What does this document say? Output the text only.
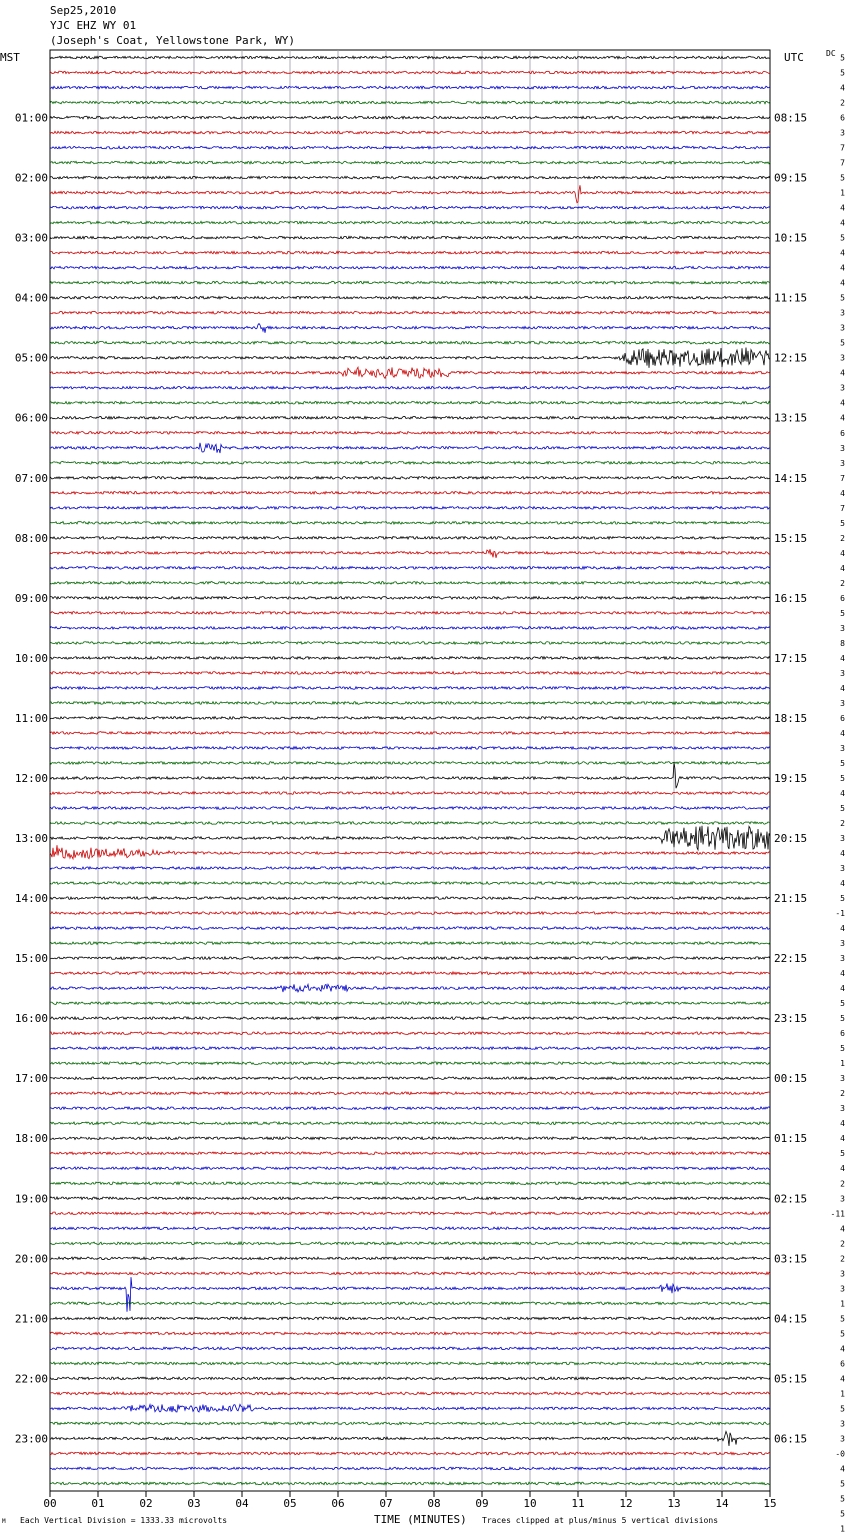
Sep25,2010
YJC EHZ WY 01
(Joseph's Coat, Yellowstone Park, WY)
00	01	02	03	04	05	06	07	08	09	10	11	12	13	14	15
01:00
02:00
03:00
04:00
05:00
06:00
07:00
08:00
09:00
10:00
11:00
12:00
13:00
14:00
15:00
16:00
17:00
18:00
19:00
20:00
21:00
22:00
23:00
08:15
09:15
10:15
11:15
12:15
13:15
14:15
15:15
16:15
17:15
18:15
19:15
20:15
21:15
22:15
23:15
00:15
01:15
02:15
03:15
04:15
05:15
06:15
5
5
4
2
6
3
7
7
5
1
4
4
5
4
4
4
5
3
3
5
3
4
3
4
4
6
3
3
7
4
7
5
2
4
4
2
6
5
3
8
4
3
4
3
6
4
3
5
5
4
5
2
3
4
3
4
5
-1
4
3
3
4
4
5
5
6
5
1
3
2
3
4
4
5
4
2
3
-11
4
2
2
3
3
1
5
5
4
6
4
1
5
3
3
-0
4
5
5
5
1
MST	UTC	DC
Each Vertical Division = 1333.33 microvolts	TIME (MINUTES) Traces clipped at plus/minus 5 vertical divisions
M
